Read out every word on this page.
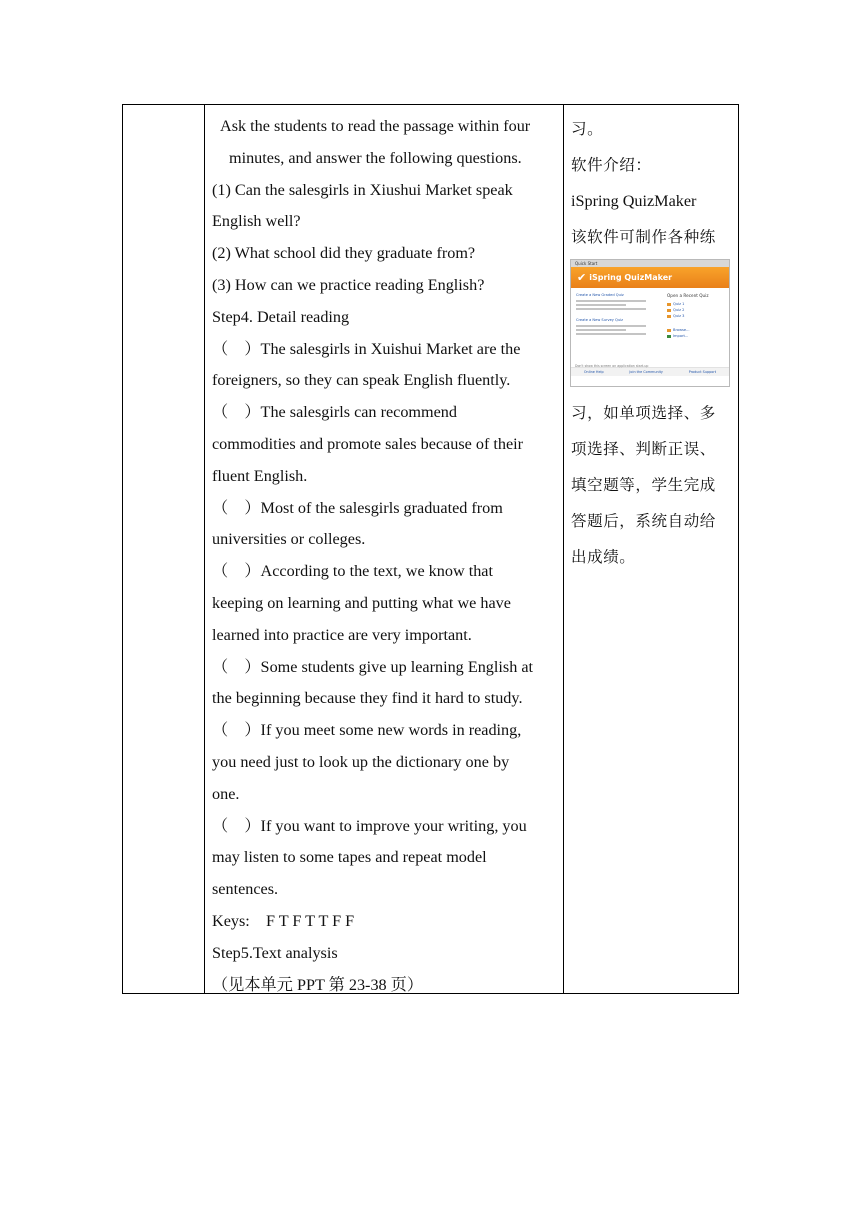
Ask the students to read the passage within four
minutes, and answer the following questions.
(1) Can the salesgirls in Xiushui Market speak
English well?
(2) What school did they graduate from?
(3) How can we practice reading English?
Step4. Detail reading
（　）The salesgirls in Xuishui Market are the
foreigners, so they can speak English fluently.
（　）The salesgirls can recommend
commodities and promote sales because of their
fluent English.
（　）Most of the salesgirls graduated from
universities or colleges.
（　）According to the text, we know that
keeping on learning and putting what we have
learned into practice are very important.
（　）Some students give up learning English at
the beginning because they find it hard to study.
（　）If you meet some new words in reading,
you need just to look up the dictionary one by
one.
（　）If you want to improve your writing, you
may listen to some tapes and repeat model
sentences.
Keys:　F T F T T F F
Step5.Text analysis
（见本单元 PPT 第 23-38 页）
习。
软件介绍：
iSpring QuizMaker
该软件可制作各种练
Quick Start
✔ iSpring QuizMaker
Create a New Graded Quiz
Create a New Survey Quiz
Open a Recent Quiz
Quiz 1
Quiz 2
Quiz 3
Browse...
Import...
Online Help	Join the Community	Product Support
Don't show this screen on application start-up
习，如单项选择、多
项选择、判断正误、
填空题等，学生完成
答题后，系统自动给
出成绩。
